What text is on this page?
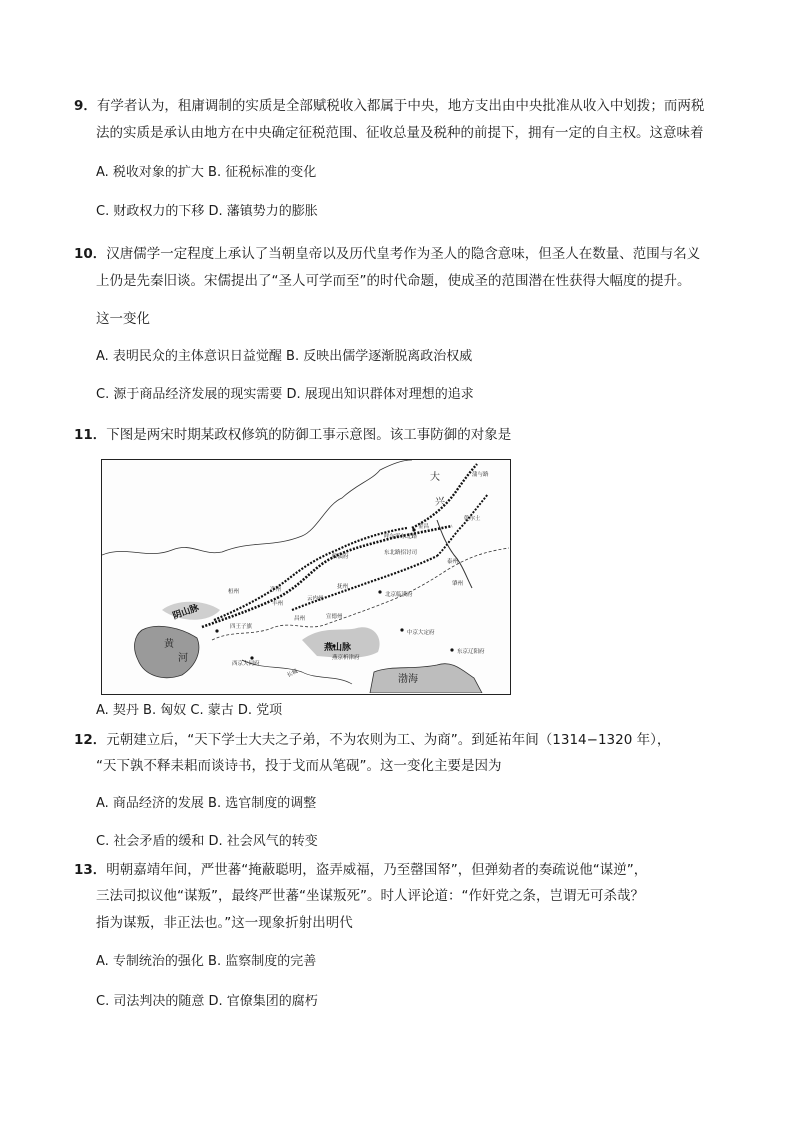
9．有学者认为，租庸调制的实质是全部赋税收入都属于中央，地方支出由中央批准从收入中划拨；而两税
法的实质是承认由地方在中央确定征税范围、征收总量及税种的前提下，拥有一定的自主权。这意味着
A. 税收对象的扩大 B. 征税标准的变化
C. 财政权力的下移 D. 藩镇势力的膨胀
10．汉唐儒学一定程度上承认了当朝皇帝以及历代皇考作为圣人的隐含意味，但圣人在数量、范围与名义
上仍是先秦旧谈。宋儒提出了“圣人可学而至”的时代命题，使成圣的范围潜在性获得大幅度的提升。
这一变化
A. 表明民众的主体意识日益觉醒 B. 反映出儒学逐渐脱离政治权威
C. 源于商品经济发展的现实需要 D. 展现出知识群体对理想的追求
11．下图是两宋时期某政权修筑的防御工事示意图。该工事防御的对象是
大
兴
阴山脉
燕山脉
黄
河
渤海
长城
蒲与路
金昌
乾尔土
呼尔浑东北路
东北路招讨司
临潢府
泰州
肇州
桓州	净州
丰州
云内州
抚州
昌州
四王子旗
北京临潢府
中京大定府
东京辽阳府
西京大同府
燕京析津府
宣德州
A. 契丹 B. 匈奴 C. 蒙古 D. 党项
12．元朝建立后，“天下学士大夫之子弟，不为农则为工、为商”。到延祐年间（1314−1320 年），
“天下孰不释耒耜而谈诗书，投于戈而从笔砚”。这一变化主要是因为
A. 商品经济的发展 B. 选官制度的调整
C. 社会矛盾的缓和 D. 社会风气的转变
13．明朝嘉靖年间，严世蕃“掩蔽聪明，盗弄威福，乃至罄国帑”，但弹劾者的奏疏说他“谋逆”，
三法司拟议他“谋叛”，最终严世蕃“坐谋叛死”。时人评论道：“作奸党之条，岂谓无可杀哉？
指为谋叛，非正法也。”这一现象折射出明代
A. 专制统治的强化 B. 监察制度的完善
C. 司法判决的随意 D. 官僚集团的腐朽
